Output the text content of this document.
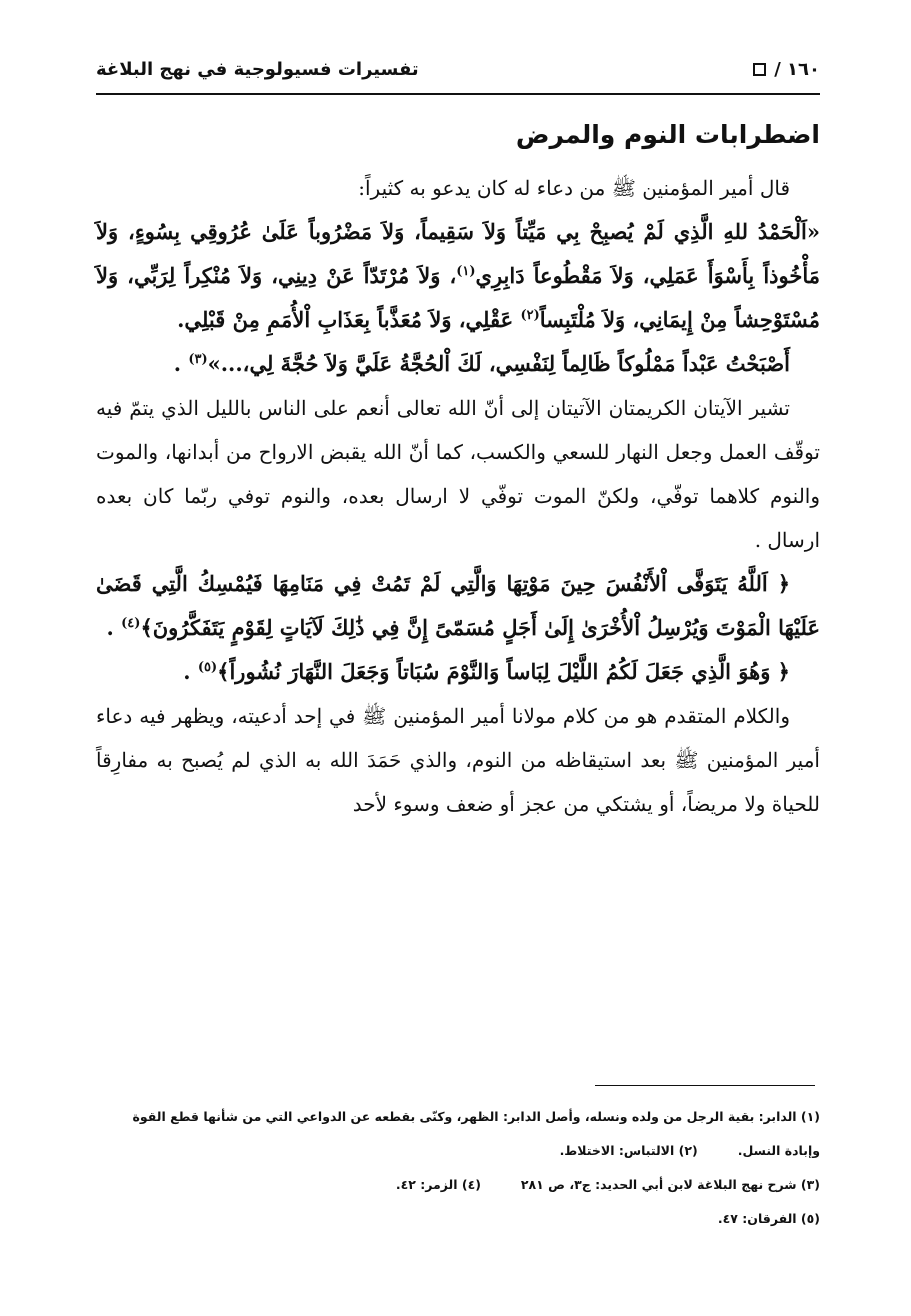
١٦٠ /
تفسيرات فسيولوجية في نهج البلاغة
اضطرابات النوم والمرض

قال أمير المؤمنين ﷺ من دعاء له كان يدعو به كثيراً:

«اَلْحَمْدُ للهِ الَّذِي لَمْ يُصبِحْ بِي مَيِّتاً وَلاَ سَقِيماً، وَلاَ مَضْرُوباً عَلَىٰ عُرُوقِي بِسُوءٍ، وَلاَ مَأْخُوذاً بِأَسْوَأَ عَمَلِي، وَلاَ مَقْطُوعاً دَابِرِي$^{(١)}$، وَلاَ مُرْتَدّاً عَنْ دِينِي، وَلاَ مُنْكِراً لِرَبِّي، وَلاَ مُسْتَوْحِشاً مِنْ إِيمَانِي، وَلاَ مُلْتَبِساً$^{(٢)}$ عَقْلِي، وَلاَ مُعَذَّباً بِعَذَابِ اْلأُمَمِ مِنْ قَبْلِي.

أَصْبَحْتُ عَبْداً مَمْلُوكاً ظَالِماً لِنَفْسِي، لَكَ اْلحُجَّةُ عَلَيَّ وَلاَ حُجَّةَ لِي،...»$^{(٣)}$ .

تشير الآيتان الكريمتان الآتيتان إلى أنّ الله تعالى أنعم على الناس بالليل الذي يتمّ فيه توقّف العمل وجعل النهار للسعي والكسب، كما أنّ الله يقبض الارواح من أبدانها، والموت والنوم كلاهما توفّي، ولكنّ الموت توفّي لا ارسال بعده، والنوم توفي ربّما كان بعده ارسال .

﴿ اَللَّهُ يَتَوَفَّى اْلأَنْفُسَ حِينَ مَوْتِهَا وَالَّتِي لَمْ تَمُتْ فِي مَنَامِهَا فَيُمْسِكُ الَّتِي قَضَىٰ عَلَيْهَا الْمَوْتَ وَيُرْسِلُ اْلأُخْرَىٰ إِلَىٰ أَجَلٍ مُسَمّىً إِنَّ فِي ذَٰلِكَ لَآيَاتٍ لِقَوْمٍ يَتَفَكَّرُونَ﴾$^{(٤)}$ .

﴿ وَهُوَ الَّذِي جَعَلَ لَكُمُ اللَّيْلَ لِبَاساً وَالنَّوْمَ سُبَاتاً وَجَعَلَ النَّهَارَ نُشُوراً﴾$^{(٥)}$ .

والكلام المتقدم هو من كلام مولانا أمير المؤمنين ﷺ في إحد أدعيته، ويظهر فيه دعاء أمير المؤمنين ﷺ بعد استيقاظه من النوم، والذي حَمَدَ الله به الذي لم يُصبح به مفارِقاً للحياة ولا مريضاً، أو يشتكي من عجز أو ضعف وسوء لأحد

(١) الدابر: بقية الرجل من ولده ونسله، وأصل الدابر: الظهر، وكنّى بقطعه عن الدواعي التي من شأنها قطع القوة
وإبادة النسل.
(٢) الالتباس: الاختلاط.
(٣) شرح نهج البلاغة لابن أبي الحديد: ج٣، ص ٢٨١
(٤) الزمر: ٤٢.
(٥) الفرقان: ٤٧.
